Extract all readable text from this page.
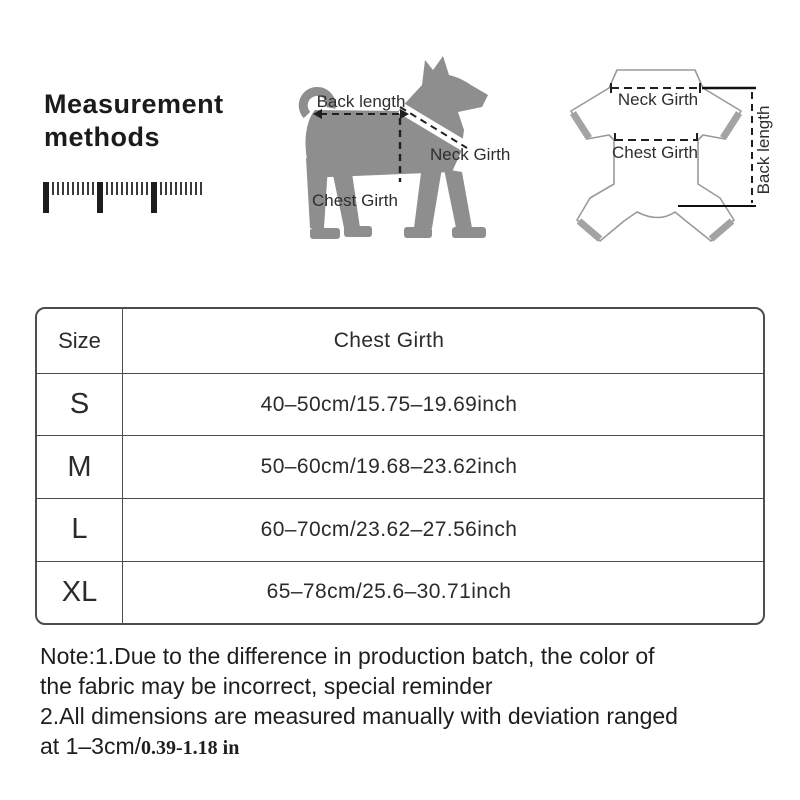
Measurement
methods
Back length
Neck Girth
Chest Girth
Neck Girth
Chest Girth	Back length
Size	Chest Girth
S	40–50cm/15.75–19.69inch
M	50–60cm/19.68–23.62inch
L	60–70cm/23.62–27.56inch
XL	65–78cm/25.6–30.71inch
Note:1.Due to the difference in production batch, the color of
the fabric may be incorrect, special reminder
2.All dimensions are measured manually with deviation ranged
at 1–3cm/0.39-1.18 in
